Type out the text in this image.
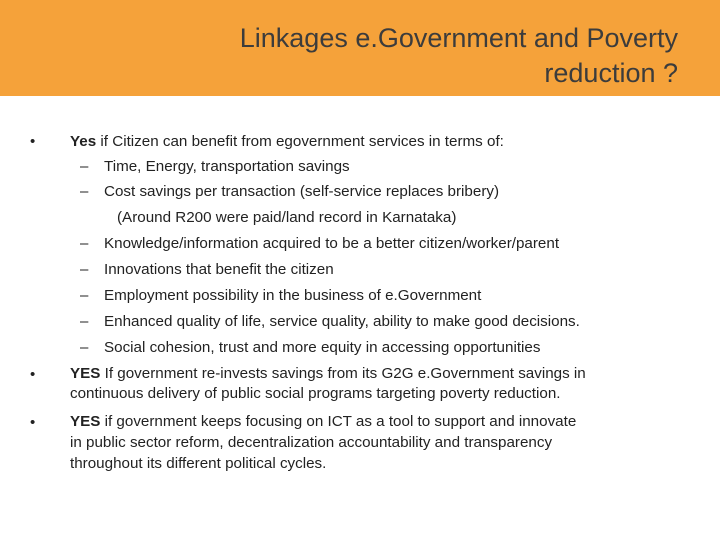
Linkages e.Government and Poverty
reduction ?
• Yes if Citizen can benefit from egovernment services in terms of:
– Time, Energy, transportation savings
– Cost savings per transaction (self-service replaces bribery)
(Around R200 were paid/land record in Karnataka)
– Knowledge/information acquired to be a better citizen/worker/parent
– Innovations that benefit the citizen
– Employment possibility in the business of e.Government
– Enhanced quality of life, service quality, ability to make good decisions.
– Social cohesion, trust and more equity in accessing opportunities
• YES If government re-invests savings from its G2G e.Government savings in
continuous delivery of public social programs targeting poverty reduction.
• YES if government keeps focusing on ICT as a tool to support and innovate
in public sector reform, decentralization accountability and transparency
throughout its different political cycles.
